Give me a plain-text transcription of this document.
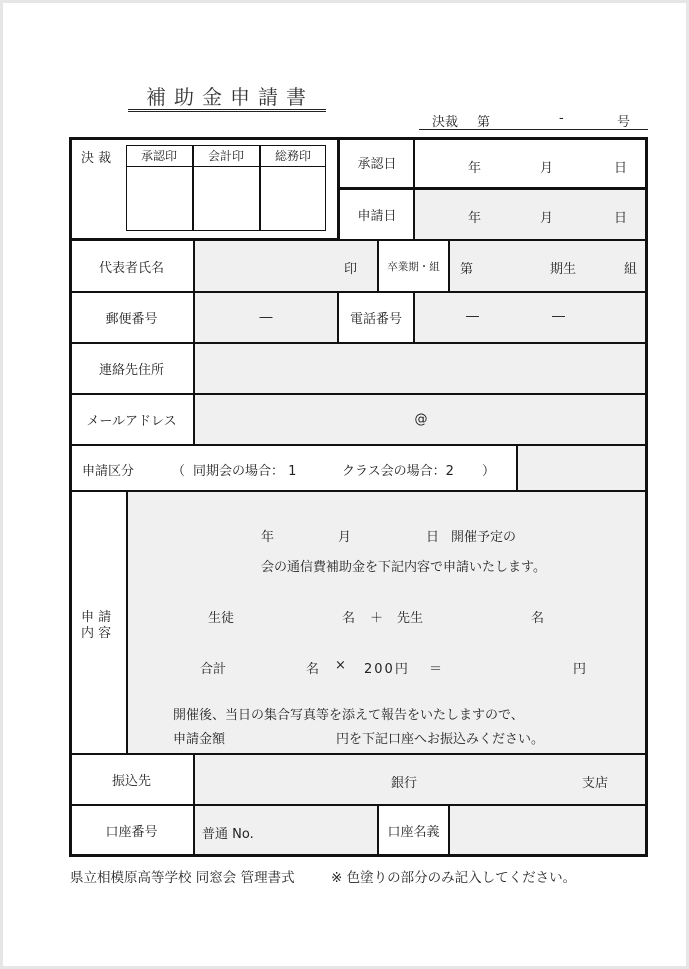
補助金申請書
決裁 第	-	号
決 裁	承認印	会計印	総務印
承認日	年	月	日
申請日	年	月	日
代表者氏名	印	卒業期・組	第	期生	組
郵便番号	―	電話番号	―	―
連絡先住所
メールアドレス	@
申請区分	（ 同期会の場合： 1	クラス会の場合：2 ）
申 請
内 容
年	月	日 開催予定の
会の通信費補助金を下記内容で申請いたします。
生徒	名 ＋ 先生	名
合計	名 × 200円 ＝	円
開催後、当日の集合写真等を添えて報告をいたしますので、
申請金額	円を下記口座へお振込みください。
振込先	銀行	支店
口座番号	普通 No.	口座名義
県立相模原高等学校 同窓会 管理書式	※ 色塗りの部分のみ記入してください。
